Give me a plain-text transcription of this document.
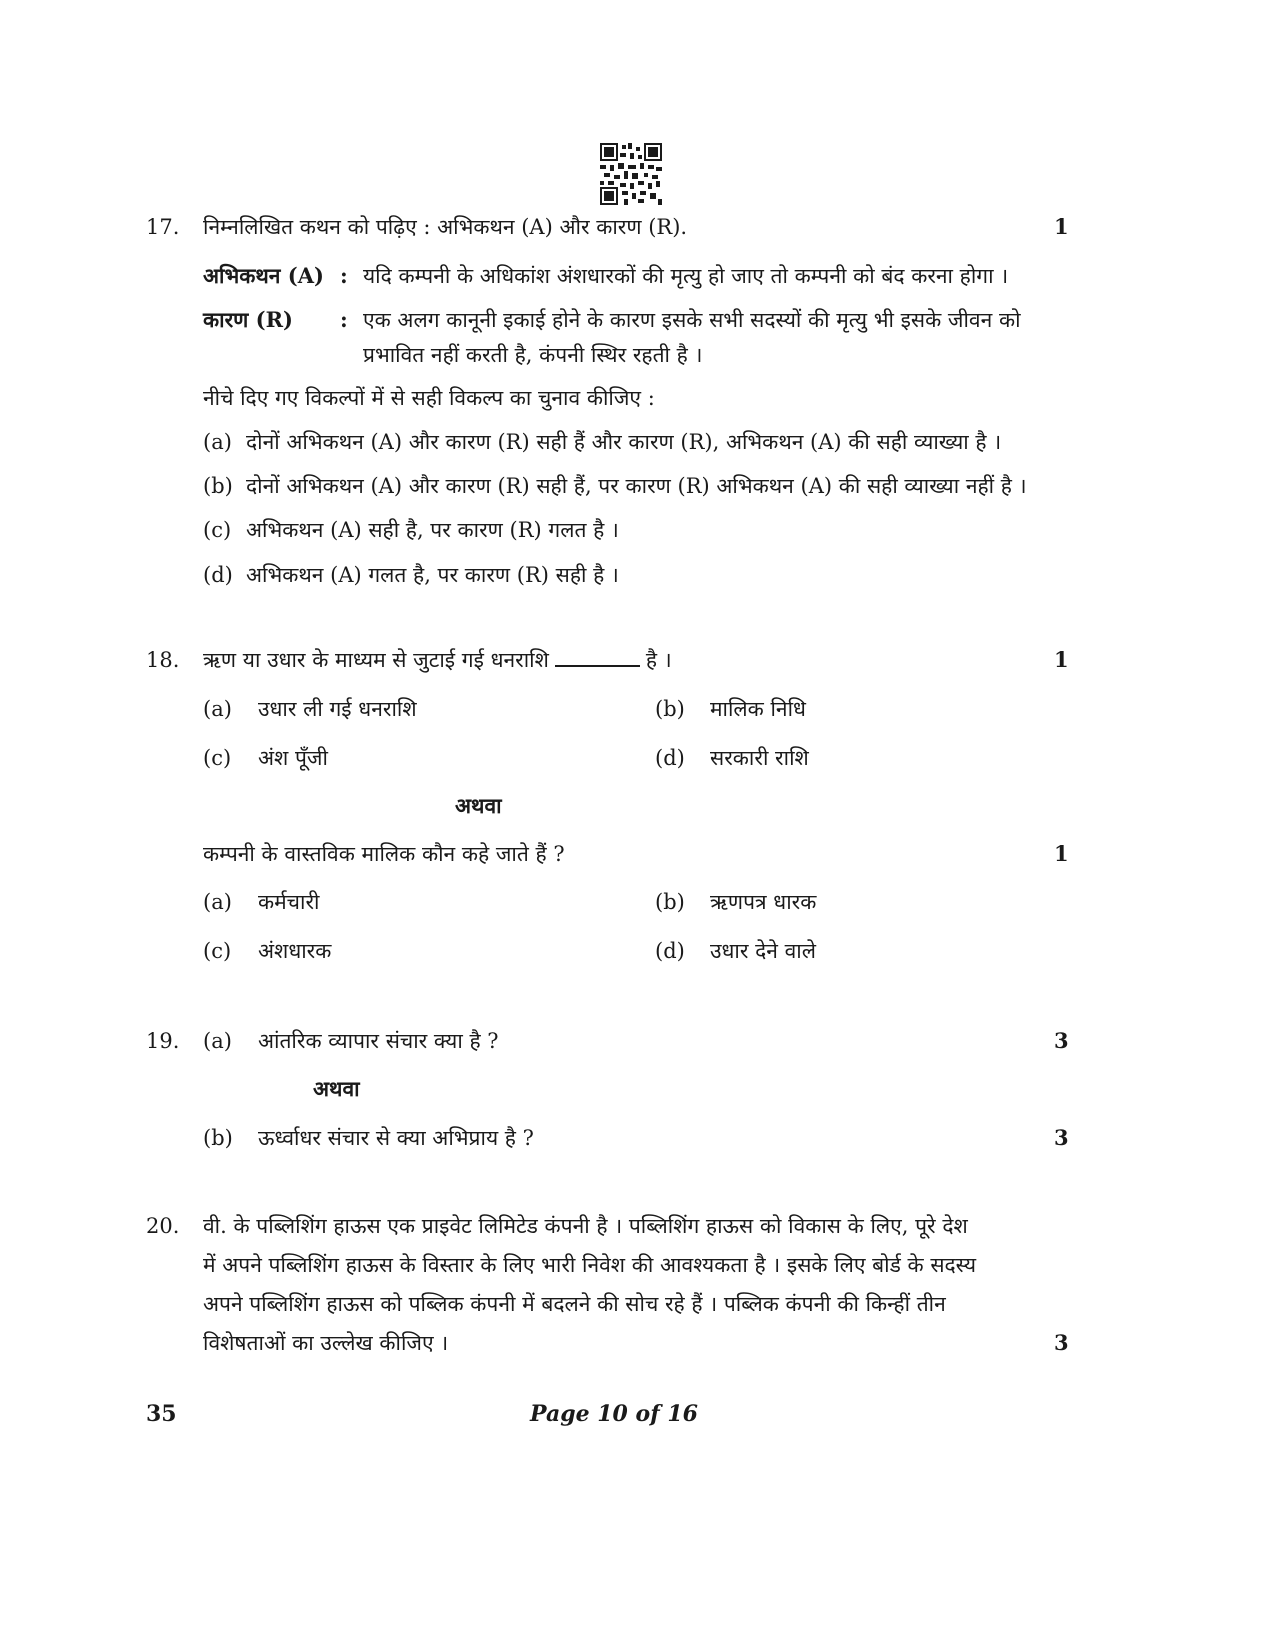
17. निम्नलिखित कथन को पढ़िए : अभिकथन (A) और कारण (R).	1
अभिकथन (A) : यदि कम्पनी के अधिकांश अंशधारकों की मृत्यु हो जाए तो कम्पनी को बंद करना होगा ।
कारण (R) : एक अलग कानूनी इकाई होने के कारण इसके सभी सदस्यों की मृत्यु भी इसके जीवन को
प्रभावित नहीं करती है, कंपनी स्थिर रहती है ।
नीचे दिए गए विकल्पों में से सही विकल्प का चुनाव कीजिए :
(a) दोनों अभिकथन (A) और कारण (R) सही हैं और कारण (R), अभिकथन (A) की सही व्याख्या है ।
(b) दोनों अभिकथन (A) और कारण (R) सही हैं, पर कारण (R) अभिकथन (A) की सही व्याख्या नहीं है ।
(c) अभिकथन (A) सही है, पर कारण (R) गलत है ।
(d) अभिकथन (A) गलत है, पर कारण (R) सही है ।
18. ऋण या उधार के माध्यम से जुटाई गई धनराशि	है ।	1
(a) उधार ली गई धनराशि	(b) मालिक निधि
(c) अंश पूँजी	(d) सरकारी राशि
अथवा
कम्पनी के वास्तविक मालिक कौन कहे जाते हैं ?	1
(a) कर्मचारी	(b) ऋणपत्र धारक
(c) अंशधारक	(d) उधार देने वाले
19. (a) आंतरिक व्यापार संचार क्या है ?	3
अथवा
(b) ऊर्ध्वाधर संचार से क्या अभिप्राय है ?	3
20. वी. के पब्लिशिंग हाऊस एक प्राइवेट लिमिटेड कंपनी है । पब्लिशिंग हाऊस को विकास के लिए, पूरे देश
में अपने पब्लिशिंग हाऊस के विस्तार के लिए भारी निवेश की आवश्यकता है । इसके लिए बोर्ड के सदस्य
अपने पब्लिशिंग हाऊस को पब्लिक कंपनी में बदलने की सोच रहे हैं । पब्लिक कंपनी की किन्हीं तीन
विशेषताओं का उल्लेख कीजिए ।	3
35	Page 10 of 16
